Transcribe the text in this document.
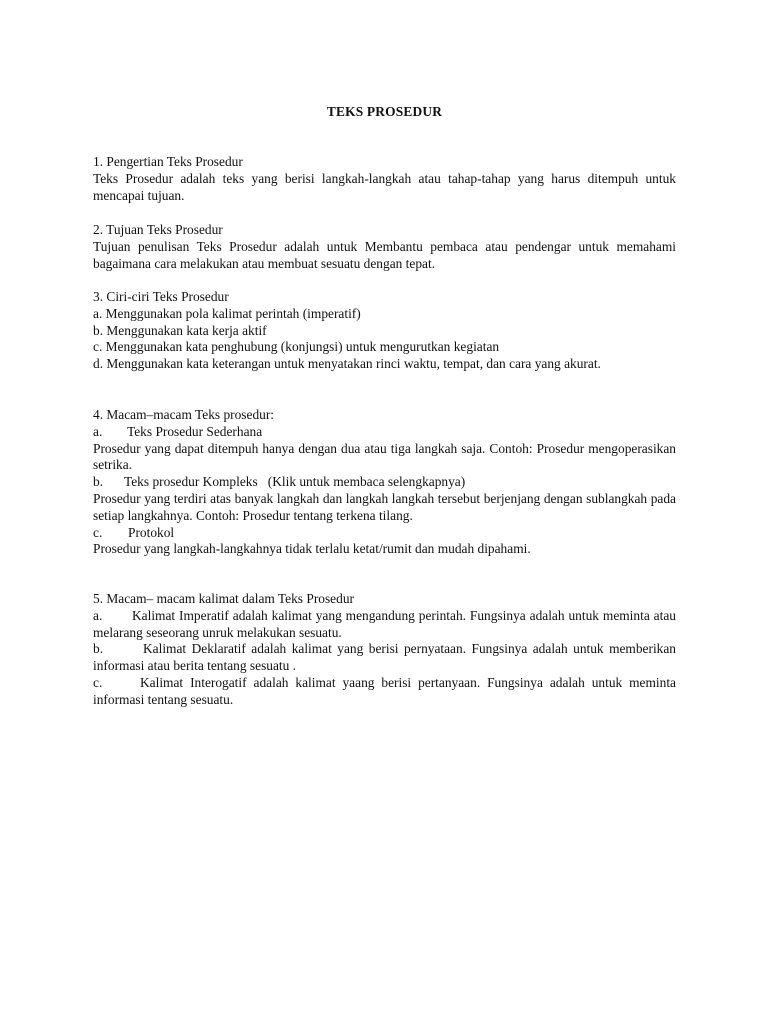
TEKS PROSEDUR
1. Pengertian Teks Prosedur
Teks Prosedur adalah teks yang berisi langkah-langkah atau tahap-tahap yang harus ditempuh untuk mencapai tujuan.
2. Tujuan Teks Prosedur
Tujuan penulisan Teks Prosedur adalah untuk Membantu pembaca atau pendengar untuk memahami bagaimana cara melakukan atau membuat sesuatu dengan tepat.
3. Ciri-ciri Teks Prosedur
a. Menggunakan pola kalimat perintah (imperatif)
b. Menggunakan kata kerja aktif
c. Menggunakan kata penghubung (konjungsi) untuk mengurutkan kegiatan
d. Menggunakan kata keterangan untuk menyatakan rinci waktu, tempat, dan cara yang akurat.
4. Macam–macam Teks prosedur:
a. Teks Prosedur Sederhana
Prosedur yang dapat ditempuh hanya dengan dua atau tiga langkah saja. Contoh: Prosedur mengoperasikan setrika.
b. Teks prosedur Kompleks (Klik untuk membaca selengkapnya)
Prosedur yang terdiri atas banyak langkah dan langkah langkah tersebut berjenjang dengan sublangkah pada setiap langkahnya. Contoh: Prosedur tentang terkena tilang.
c. Protokol
Prosedur yang langkah-langkahnya tidak terlalu ketat/rumit dan mudah dipahami.
5. Macam– macam kalimat dalam Teks Prosedur
a. Kalimat Imperatif adalah kalimat yang mengandung perintah. Fungsinya adalah untuk meminta atau melarang seseorang unruk melakukan sesuatu.
b.	Kalimat Deklaratif adalah kalimat yang berisi pernyataan. Fungsinya adalah untuk memberikan informasi atau berita tentang sesuatu .
c.	Kalimat Interogatif adalah kalimat yaang berisi pertanyaan. Fungsinya adalah untuk meminta informasi tentang sesuatu.
